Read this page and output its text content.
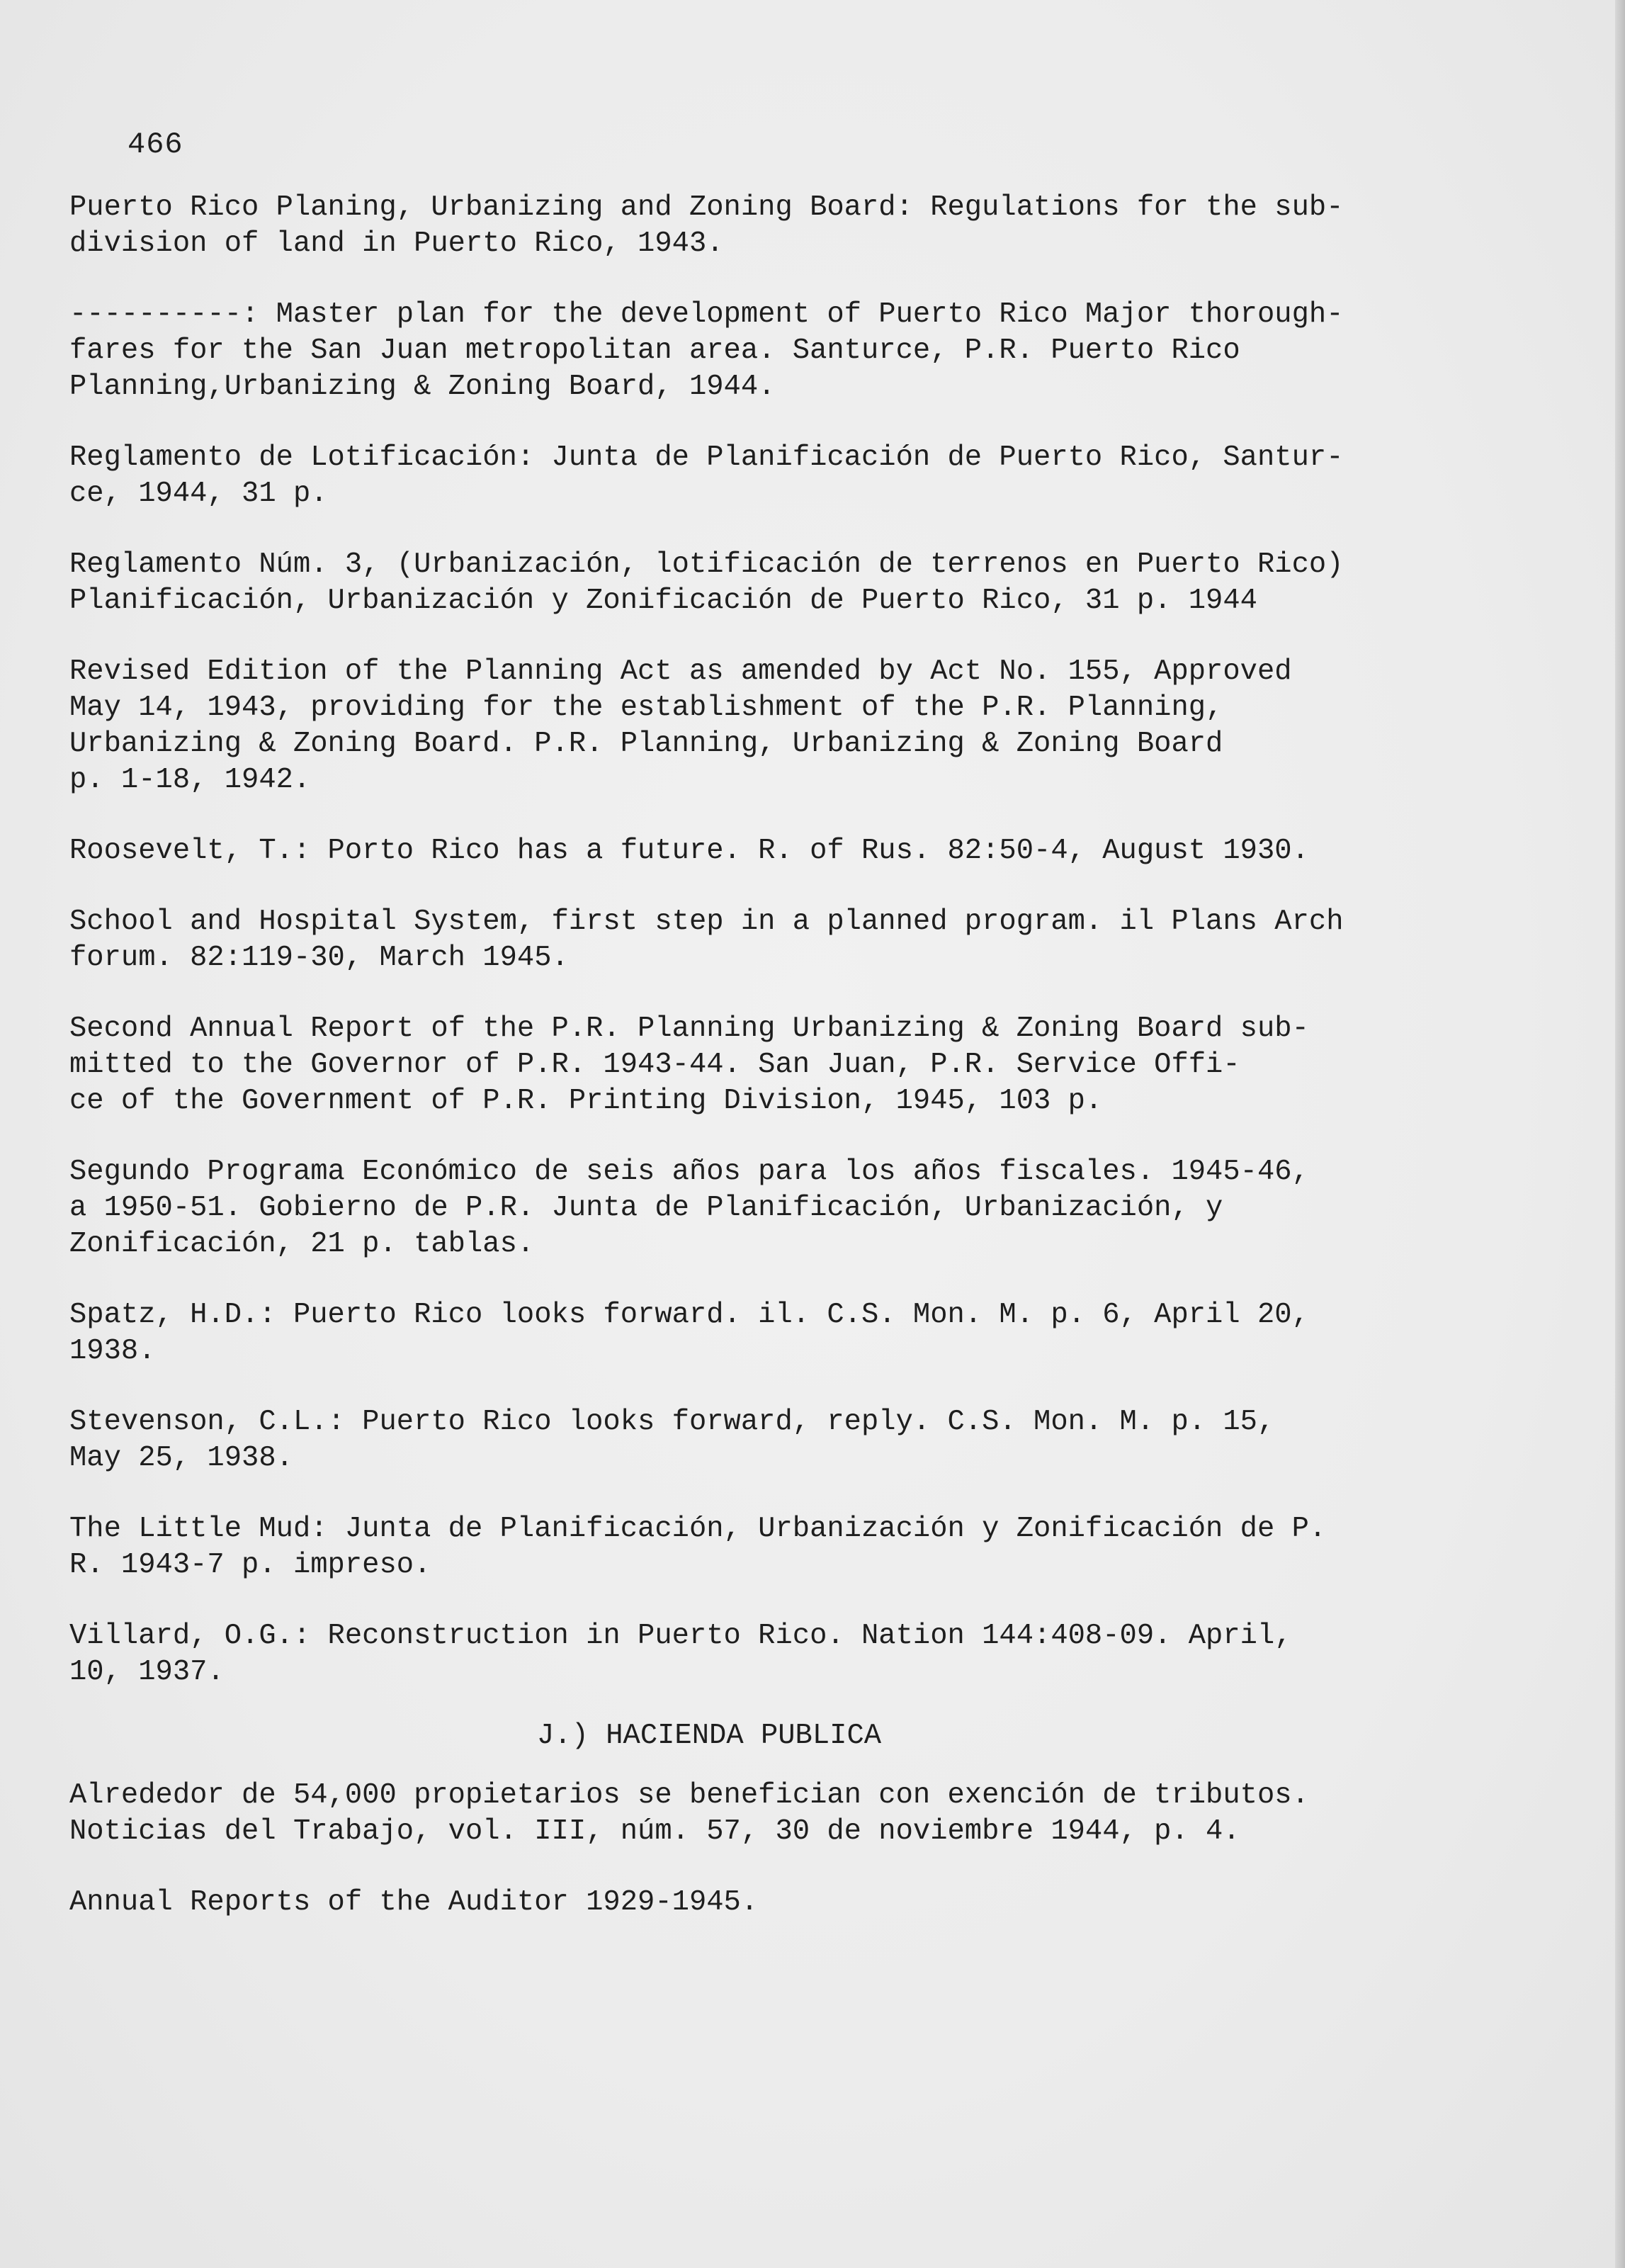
466

Puerto Rico Planing, Urbanizing and Zoning Board: Regulations for the sub-
division of land in Puerto Rico, 1943.

----------: Master plan for the development of Puerto Rico Major thorough-
fares for the San Juan metropolitan area. Santurce, P.R. Puerto Rico
Planning,Urbanizing & Zoning Board, 1944.

Reglamento de Lotificación: Junta de Planificación de Puerto Rico, Santur-
ce, 1944, 31 p.

Reglamento Núm. 3, (Urbanización, lotificación de terrenos en Puerto Rico)
Planificación, Urbanización y Zonificación de Puerto Rico, 31 p. 1944

Revised Edition of the Planning Act as amended by Act No. 155, Approved
May 14, 1943, providing for the establishment of the P.R. Planning,
Urbanizing & Zoning Board. P.R. Planning, Urbanizing & Zoning Board
p. 1-18, 1942.

Roosevelt, T.: Porto Rico has a future. R. of Rus. 82:50-4, August 1930.

School and Hospital System, first step in a planned program. il Plans Arch
forum. 82:119-30, March 1945.

Second Annual Report of the P.R. Planning Urbanizing & Zoning Board sub-
mitted to the Governor of P.R. 1943-44. San Juan, P.R. Service Offi-
ce of the Government of P.R. Printing Division, 1945, 103 p.

Segundo Programa Económico de seis años para los años fiscales. 1945-46,
a 1950-51. Gobierno de P.R. Junta de Planificación, Urbanización, y
Zonificación, 21 p. tablas.

Spatz, H.D.: Puerto Rico looks forward. il. C.S. Mon. M. p. 6, April 20,
1938.

Stevenson, C.L.: Puerto Rico looks forward, reply. C.S. Mon. M. p. 15,
May 25, 1938.

The Little Mud: Junta de Planificación, Urbanización y Zonificación de P.
R. 1943-7 p. impreso.

Villard, O.G.: Reconstruction in Puerto Rico. Nation 144:408-09. April,
10, 1937.

J.) HACIENDA PUBLICA

Alrededor de 54,000 propietarios se benefician con exención de tributos.
Noticias del Trabajo, vol. III, núm. 57, 30 de noviembre 1944, p. 4.

Annual Reports of the Auditor 1929-1945.
